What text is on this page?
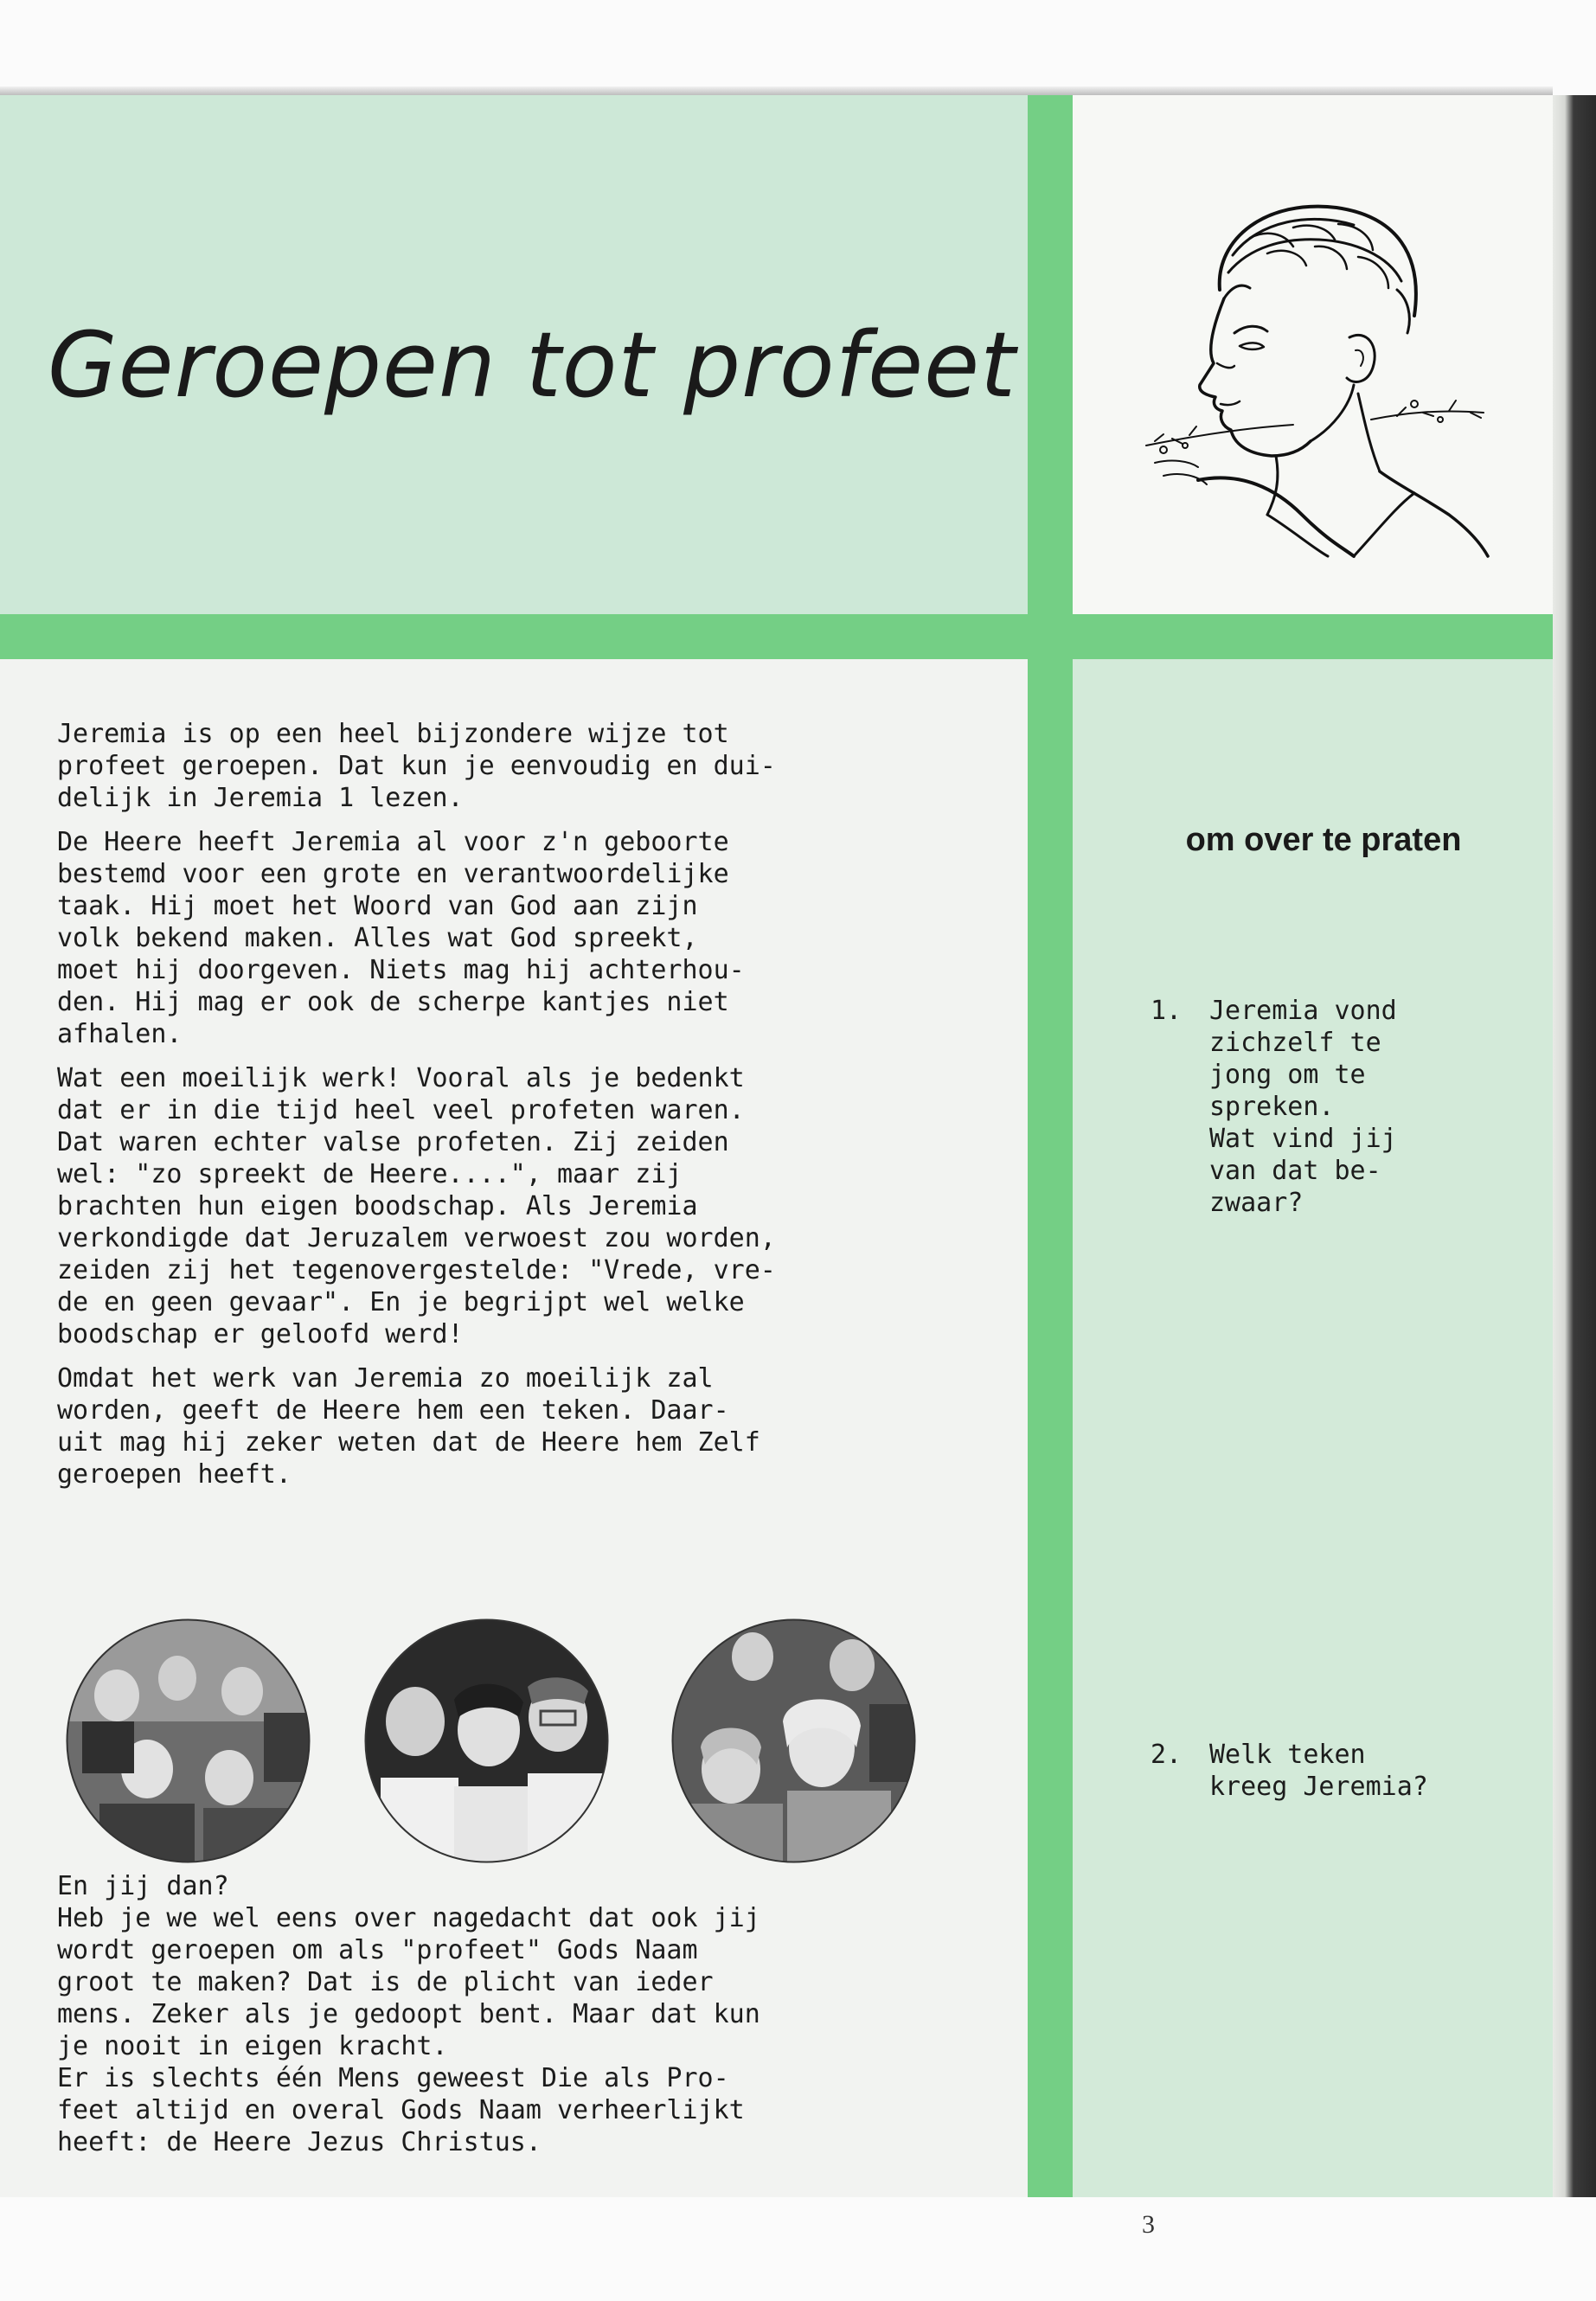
Geroepen tot profeet

Jeremia is op een heel bijzondere wijze tot
profeet geroepen. Dat kun je eenvoudig en dui-
delijk in Jeremia 1 lezen.

De Heere heeft Jeremia al voor z'n geboorte
bestemd voor een grote en verantwoordelijke
taak. Hij moet het Woord van God aan zijn
volk bekend maken. Alles wat God spreekt,
moet hij doorgeven. Niets mag hij achterhou-
den. Hij mag er ook de scherpe kantjes niet
afhalen.

Wat een moeilijk werk! Vooral als je bedenkt
dat er in die tijd heel veel profeten waren.
Dat waren echter valse profeten. Zij zeiden
wel: "zo spreekt de Heere....", maar zij
brachten hun eigen boodschap. Als Jeremia
verkondigde dat Jeruzalem verwoest zou worden,
zeiden zij het tegenovergestelde: "Vrede, vre-
de en geen gevaar". En je begrijpt wel welke
boodschap er geloofd werd!

Omdat het werk van Jeremia zo moeilijk zal
worden, geeft de Heere hem een teken. Daar-
uit mag hij zeker weten dat de Heere hem Zelf
geroepen heeft.

En jij dan?
Heb je we wel eens over nagedacht dat ook jij
wordt geroepen om als "profeet" Gods Naam
groot te maken? Dat is de plicht van ieder
mens. Zeker als je gedoopt bent. Maar dat kun
je nooit in eigen kracht.
Er is slechts één Mens geweest Die als Pro-
feet altijd en overal Gods Naam verheerlijkt
heeft: de Heere Jezus Christus.

om over te praten
1.	Jeremia vond
zichzelf te
jong om te
spreken.
Wat vind jij
van dat be-
zwaar?
2.	Welk teken
kreeg Jeremia?
3
